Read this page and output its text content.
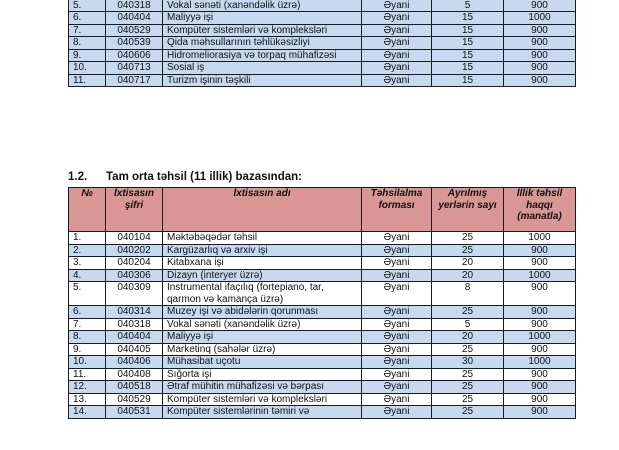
5.	040318	Vokal sənəti (xanəndəlik üzrə)	Əyani	5	900
6.	040404	Maliyyə işi	Əyani	15	1000
7.	040529	Kompüter sistemləri və kompleksləri	Əyani	15	900
8.	040539	Qida məhsullarının təhlükəsizliyi	Əyani	15	900
9.	040606	Hidromeliorasiya və torpaq mühafizəsi	Əyani	15	900
10.	040713	Sosial iş	Əyani	15	900
11.	040717	Turizm işinin təşkili	Əyani	15	900
1.2. Tam orta təhsil (11 illik) bazasından:
№	İxtisasın şifri	İxtisasın adı	Təhsilalma forması	Ayrılmış yerlərin sayı	İllik təhsil haqqı (manatla)
1.	040104	Məktəbəqədər təhsil	Əyani	25	1000
2.	040202	Kargüzarlıq və arxiv işi	Əyani	25	900
3.	040204	Kitabxana işi	Əyani	20	900
4.	040306	Dizayn (interyer üzrə)	Əyani	20	1000
5.	040309	İnstrumental ifaçılıq (fortepiano, tar, qarmon və kamança üzrə)	Əyani	8	900
6.	040314	Muzey işi və abidələrin qorunması	Əyani	25	900
7.	040318	Vokal sənəti (xanəndəlik üzrə)	Əyani	5	900
8.	040404	Maliyyə işi	Əyani	20	1000
9.	040405	Marketinq (sahələr üzrə)	Əyani	25	900
10.	040406	Mühasibat uçotu	Əyani	30	1000
11.	040408	Sığorta işi	Əyani	25	900
12.	040518	Ətraf mühitin mühafizəsi və bərpası	Əyani	25	900
13.	040529	Kompüter sistemləri və kompleksləri	Əyani	25	900
14.	040531	Kompüter sistemlərinin təmiri və	Əyani	25	900
